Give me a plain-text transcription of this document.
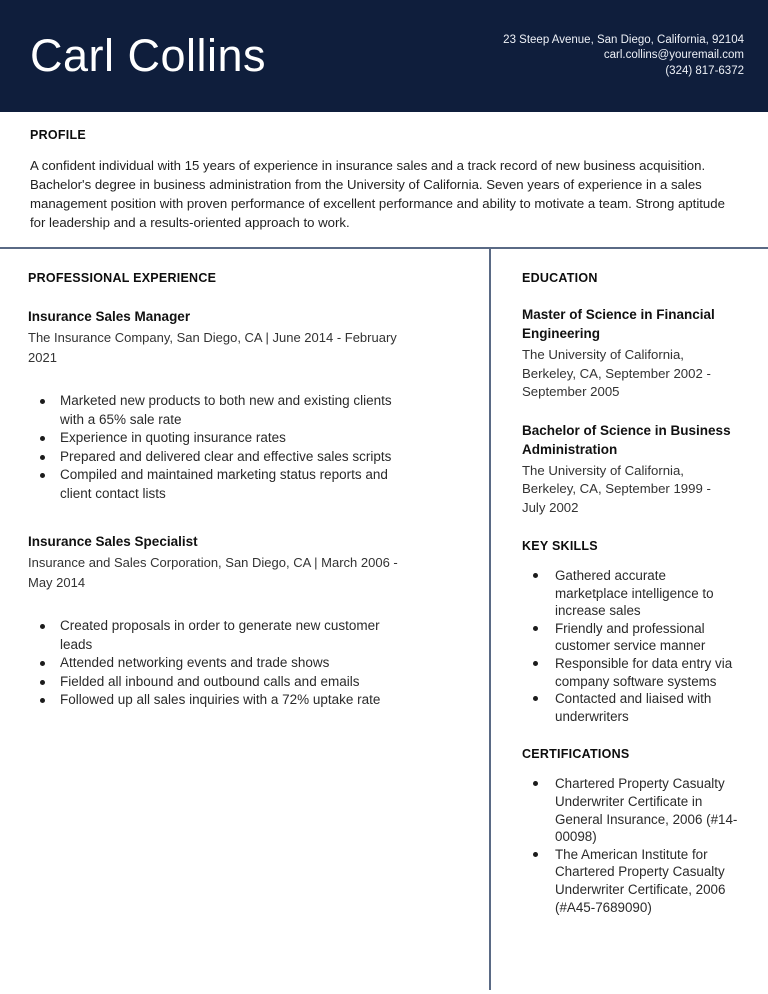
Carl Collins	23 Steep Avenue, San Diego, California, 92104
carl.collins@youremail.com
(324) 817-6372
PROFILE

A confident individual with 15 years of experience in insurance sales and a track record of new business acquisition. Bachelor's degree in business administration from the University of California. Seven years of experience in a sales management position with proven performance of excellent performance and ability to motivate a team. Strong aptitude for leadership and a results-oriented approach to work.

PROFESSIONAL EXPERIENCE
Insurance Sales Manager

The Insurance Company, San Diego, CA | June 2014 - February 2021

Marketed new products to both new and existing clients with a 65% sale rate
Experience in quoting insurance rates
Prepared and delivered clear and effective sales scripts
Compiled and maintained marketing status reports and client contact lists
Insurance Sales Specialist

Insurance and Sales Corporation, San Diego, CA | March 2006 - May 2014

Created proposals in order to generate new customer leads
Attended networking events and trade shows
Fielded all inbound and outbound calls and emails
Followed up all sales inquiries with a 72% uptake rate
EDUCATION
Master of Science in Financial Engineering

The University of California, Berkeley, CA, September 2002 - September 2005

Bachelor of Science in Business Administration

The University of California, Berkeley, CA, September 1999 - July 2002

KEY SKILLS
Gathered accurate marketplace intelligence to increase sales
Friendly and professional customer service manner
Responsible for data entry via company software systems
Contacted and liaised with underwriters
CERTIFICATIONS
Chartered Property Casualty Underwriter Certificate in General Insurance, 2006 (#14-00098)
The American Institute for Chartered Property Casualty Underwriter Certificate, 2006 (#A45-7689090)
